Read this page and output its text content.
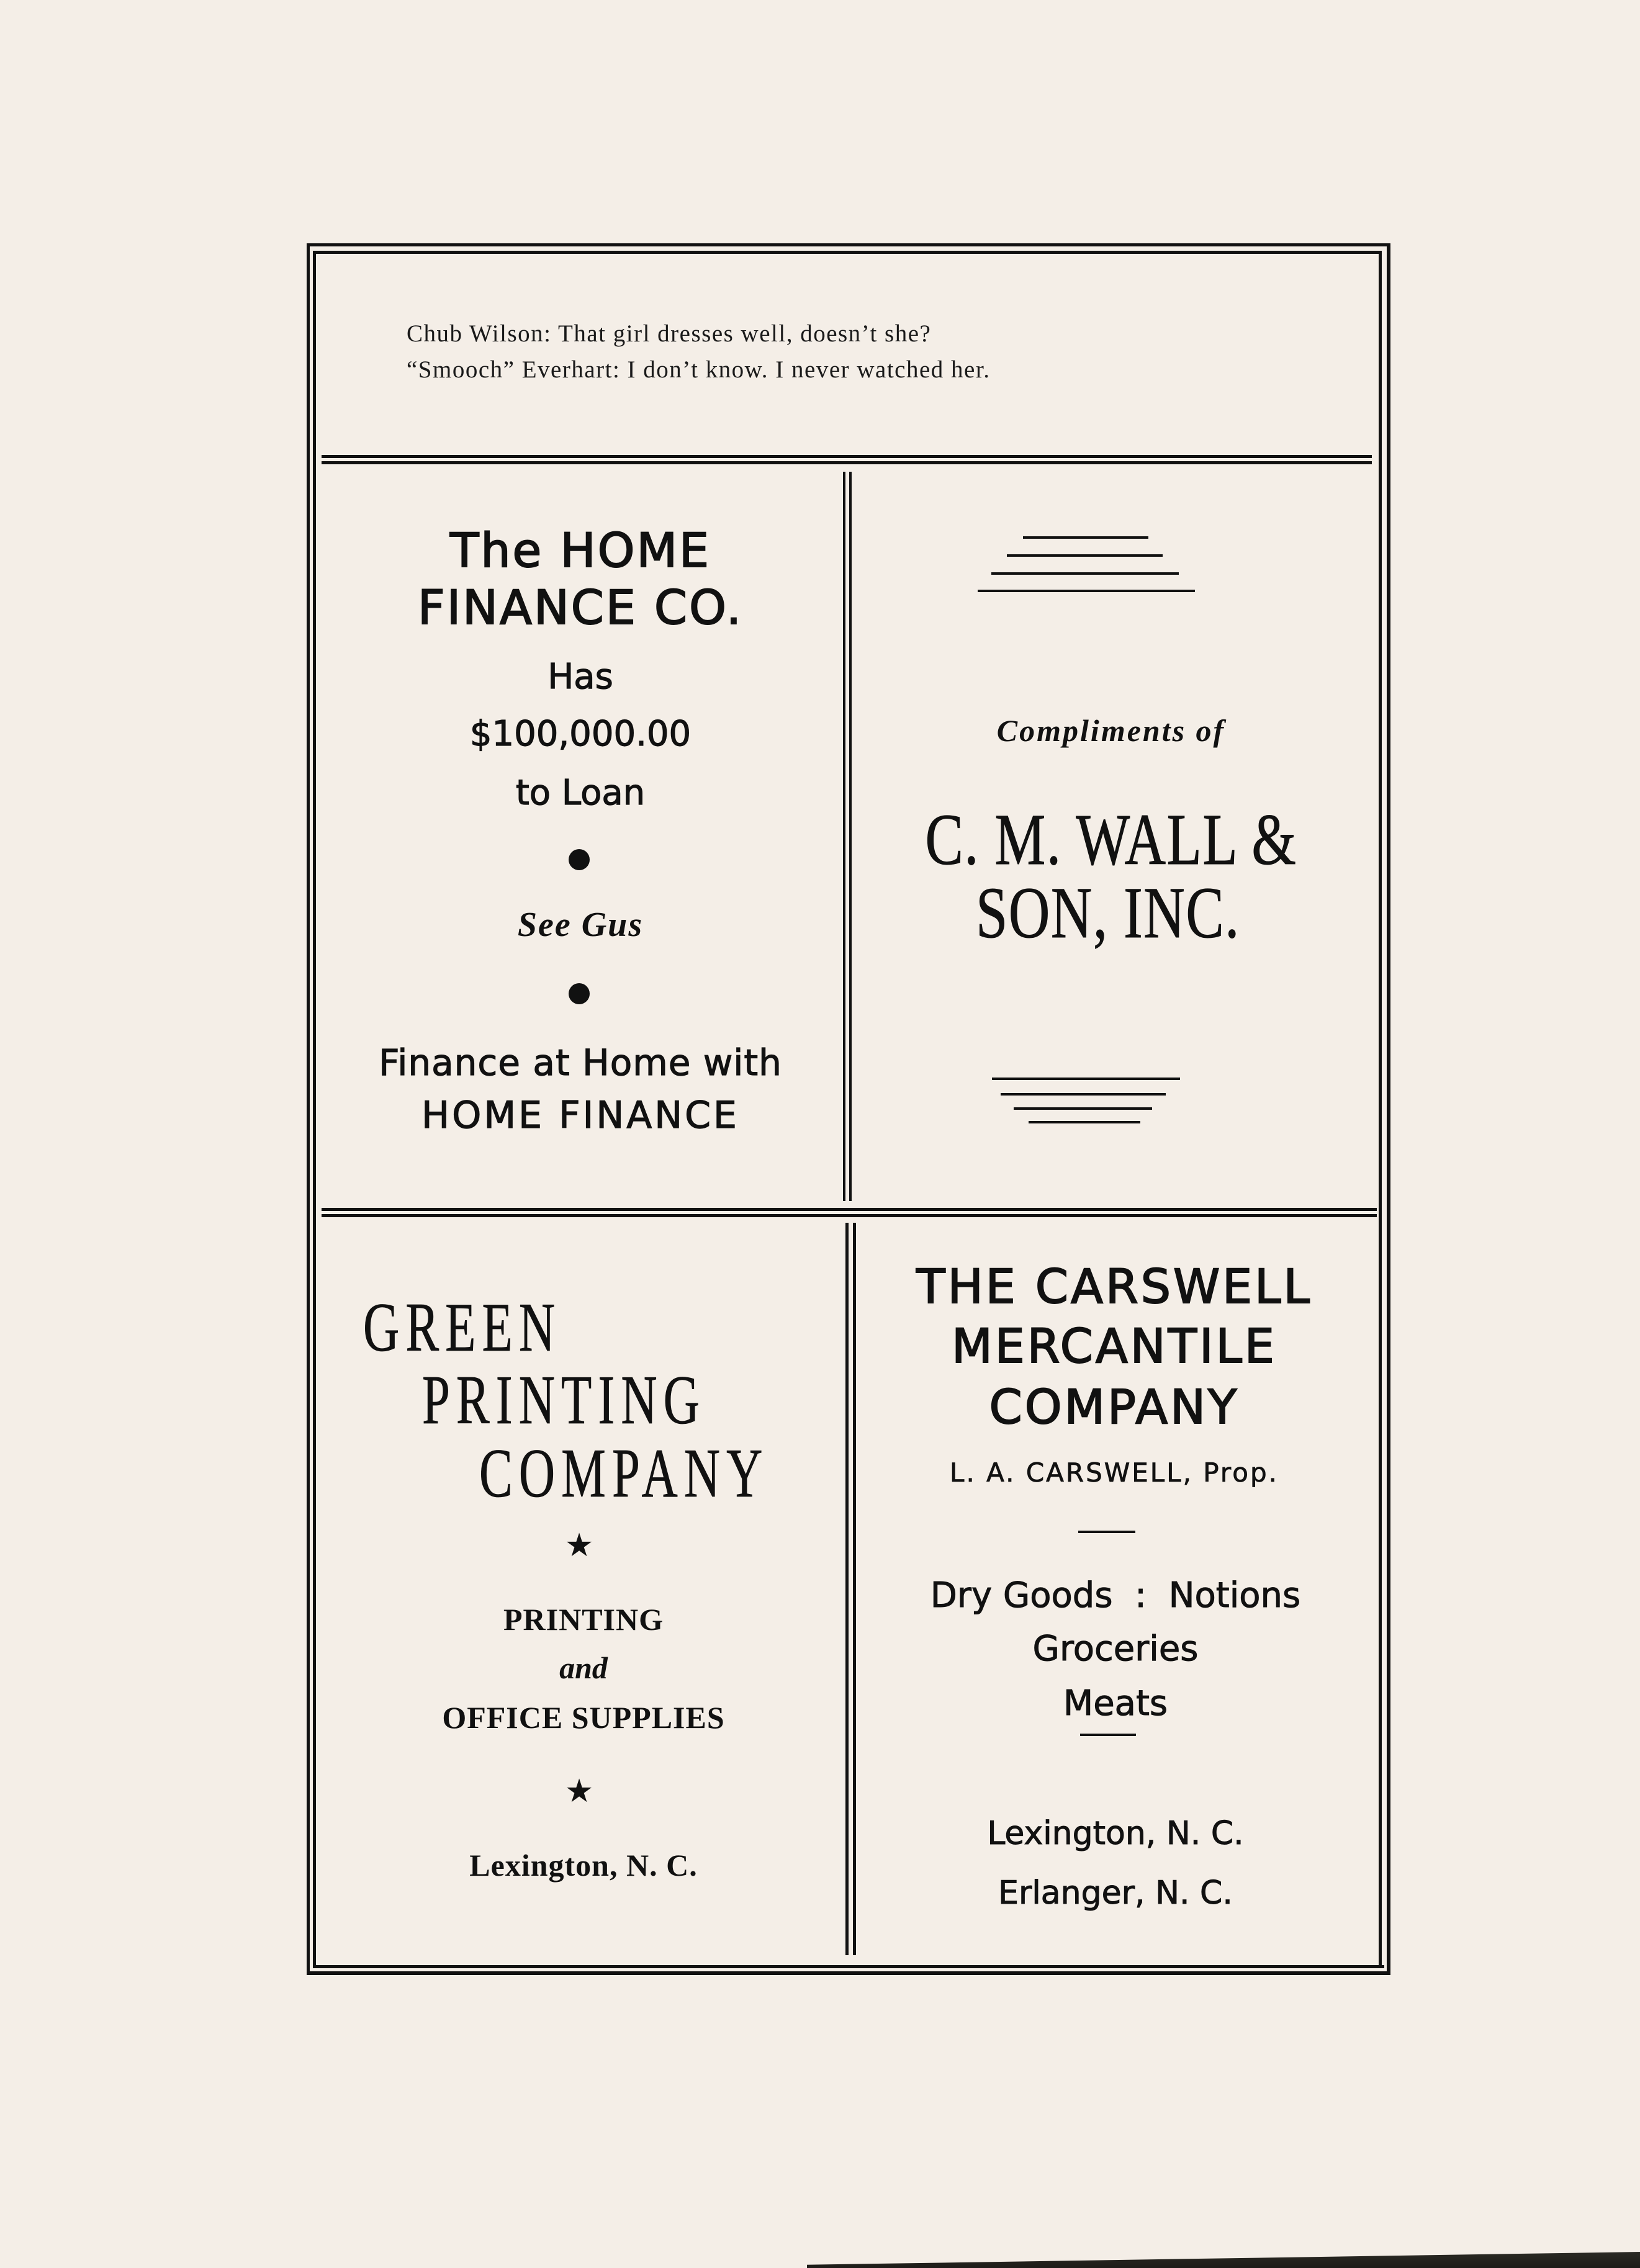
Chub Wilson: That girl dresses well, doesn’t she?
“Smooch” Everhart: I don’t know. I never watched her.
The HOME
FINANCE CO.
Has
$100,000.00
to Loan
See Gus
Finance at Home with
HOME FINANCE
Compliments of
C. M. WALL &
SON, INC.
GREEN
PRINTING
COMPANY
★
PRINTING
and
OFFICE SUPPLIES
★
Lexington, N. C.
THE CARSWELL
MERCANTILE
COMPANY
L. A. CARSWELL, Prop.
Dry Goods  :  Notions
Groceries
Meats
Lexington, N. C.
Erlanger, N. C.
